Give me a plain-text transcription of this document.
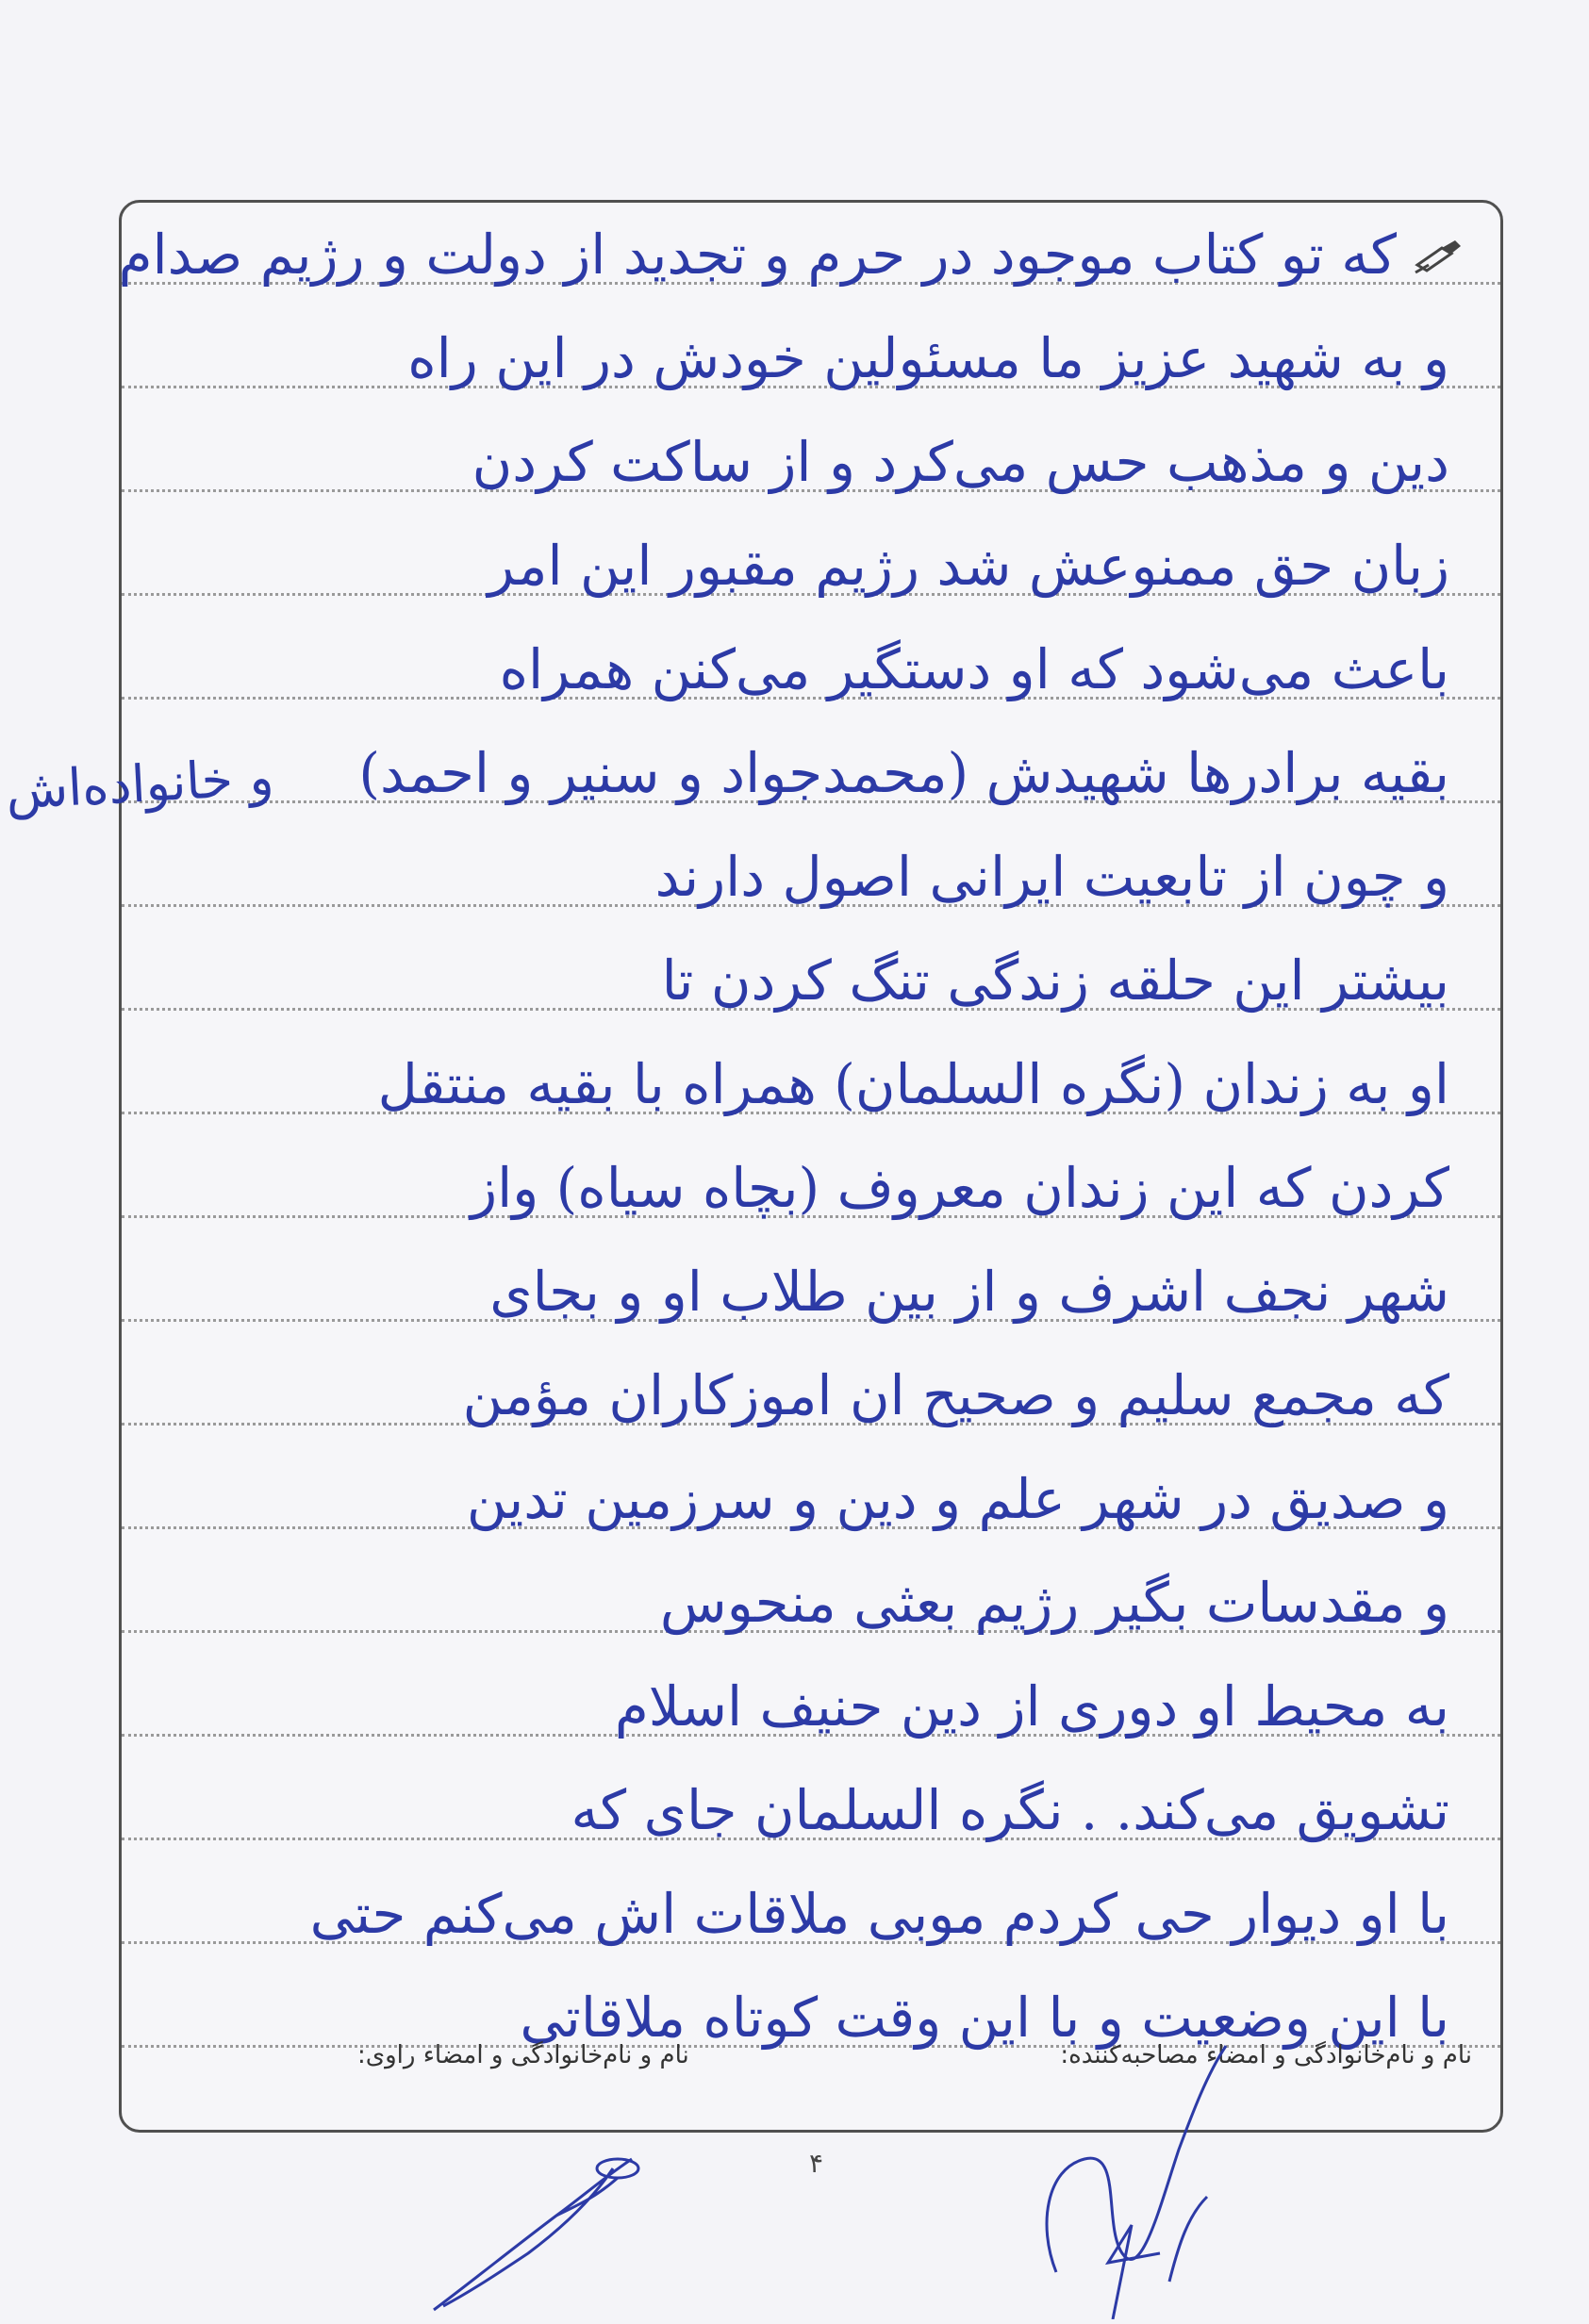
که تو کتاب موجود در حرم و تجدید از دولت و رژیم صدام
و به شهید عزیز ما مسئولین خودش در این راه
دین و مذهب حس می‌کرد و از ساکت کردن
زبان حق ممنوعش شد رژیم مقبور این امر
باعث می‌شود که او دستگیر می‌کنن همراه
بقیه برادرها شهیدش (محمدجواد و سنیر و احمد)
و چون از تابعیت ایرانی اصول دارند
بیشتر این حلقه زندگی تنگ کردن تا
او به زندان (نگره السلمان) همراه با بقیه منتقل
کردن که این زندان معروف (بچاه سیاه) واز
شهر نجف اشرف و از بین طلاب او و بجای
که مجمع سلیم و صحیح ان اموزکاران مؤمن
و صدیق در شهر علم و دین و سرزمین تدین
و مقدسات بگیر رژیم بعثی منحوس
به محیط او دوری از دین حنیف اسلام
تشویق می‌کند. . نگره السلمان جای که
با او دیوار حی کردم موبی ملاقات اش می‌کنم حتی
با این وضعیت و با این وقت کوتاه ملاقاتی
نام و نام‌خانوادگی و امضاء مصاحبه‌کننده:
نام و نام‌خانوادگی و امضاء راوی:
و خانواده‌اش
۴
